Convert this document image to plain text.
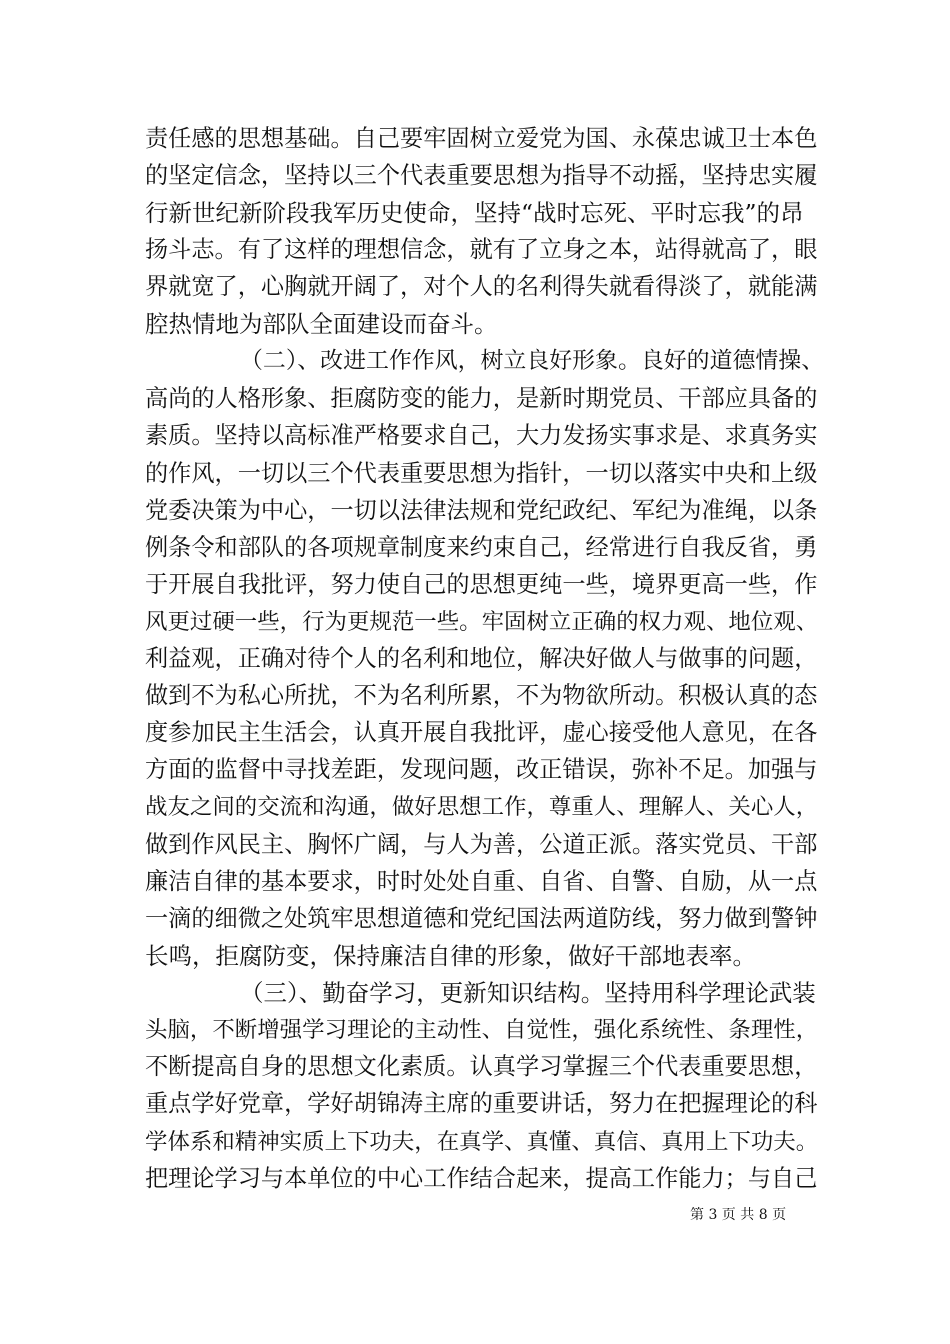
责任感的思想基础。自己要牢固树立爱党为国、永葆忠诚卫士本色
的坚定信念，坚持以三个代表重要思想为指导不动摇，坚持忠实履
行新世纪新阶段我军历史使命，坚持“战时忘死、平时忘我”的昂
扬斗志。有了这样的理想信念，就有了立身之本，站得就高了，眼
界就宽了，心胸就开阔了，对个人的名利得失就看得淡了，就能满
腔热情地为部队全面建设而奋斗。
（二）、改进工作作风，树立良好形象。良好的道德情操、
高尚的人格形象、拒腐防变的能力，是新时期党员、干部应具备的
素质。坚持以高标准严格要求自己，大力发扬实事求是、求真务实
的作风，一切以三个代表重要思想为指针，一切以落实中央和上级
党委决策为中心，一切以法律法规和党纪政纪、军纪为准绳，以条
例条令和部队的各项规章制度来约束自己，经常进行自我反省，勇
于开展自我批评，努力使自己的思想更纯一些，境界更高一些，作
风更过硬一些，行为更规范一些。牢固树立正确的权力观、地位观、
利益观，正确对待个人的名利和地位，解决好做人与做事的问题，
做到不为私心所扰，不为名利所累，不为物欲所动。积极认真的态
度参加民主生活会，认真开展自我批评，虚心接受他人意见，在各
方面的监督中寻找差距，发现问题，改正错误，弥补不足。加强与
战友之间的交流和沟通，做好思想工作，尊重人、理解人、关心人，
做到作风民主、胸怀广阔，与人为善，公道正派。落实党员、干部
廉洁自律的基本要求，时时处处自重、自省、自警、自励，从一点
一滴的细微之处筑牢思想道德和党纪国法两道防线，努力做到警钟
长鸣，拒腐防变，保持廉洁自律的形象，做好干部地表率。
（三）、勤奋学习，更新知识结构。坚持用科学理论武装
头脑，不断增强学习理论的主动性、自觉性，强化系统性、条理性，
不断提高自身的思想文化素质。认真学习掌握三个代表重要思想，
重点学好党章，学好胡锦涛主席的重要讲话，努力在把握理论的科
学体系和精神实质上下功夫，在真学、真懂、真信、真用上下功夫。
把理论学习与本单位的中心工作结合起来，提高工作能力；与自己
第 3 页 共 8 页
